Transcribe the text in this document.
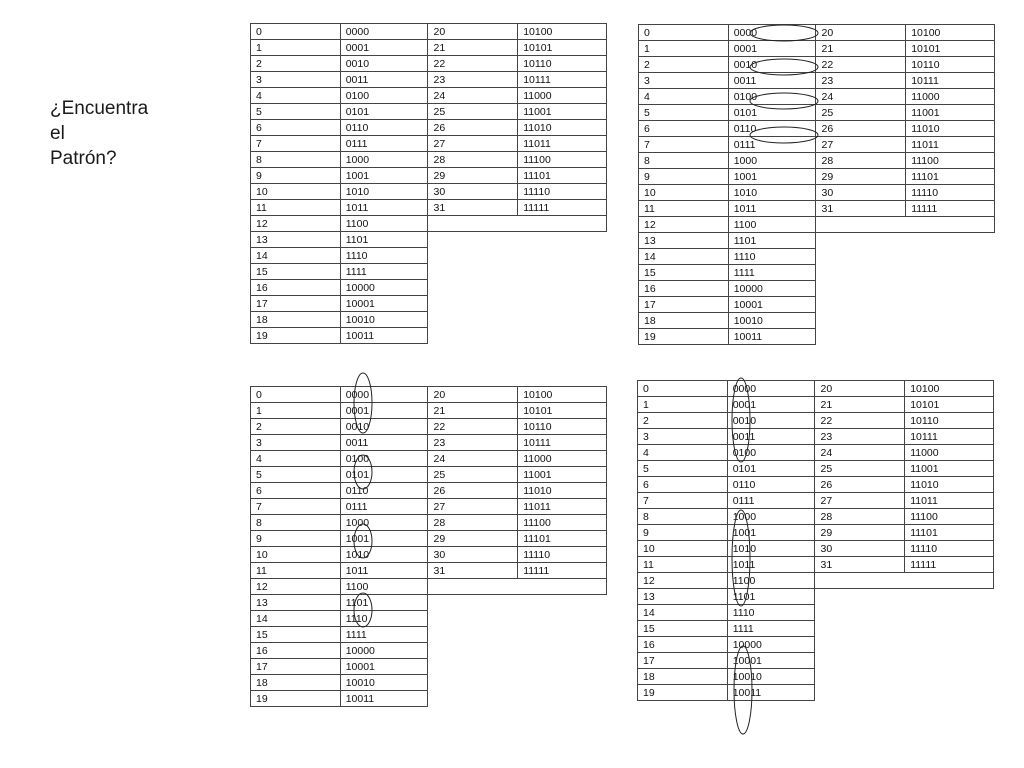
¿Encuentra
el
Patrón?
0	0000	20	10100
1	0001	21	10101
2	0010	22	10110
3	0011	23	10111
4	0100	24	11000
5	0101	25	11001
6	0110	26	11010
7	0111	27	11011
8	1000	28	11100
9	1001	29	11101
10	1010	30	11110
11	1011	31	11111
12	1100		
13	1101		
14	1110		
15	1111		
16	10000		
17	10001		
18	10010		
19	10011		
0	0000	20	10100
1	0001	21	10101
2	0010	22	10110
3	0011	23	10111
4	0100	24	11000
5	0101	25	11001
6	0110	26	11010
7	0111	27	11011
8	1000	28	11100
9	1001	29	11101
10	1010	30	11110
11	1011	31	11111
12	1100		
13	1101		
14	1110		
15	1111		
16	10000		
17	10001		
18	10010		
19	10011		
0	0000	20	10100
1	0001	21	10101
2	0010	22	10110
3	0011	23	10111
4	0100	24	11000
5	0101	25	11001
6	0110	26	11010
7	0111	27	11011
8	1000	28	11100
9	1001	29	11101
10	1010	30	11110
11	1011	31	11111
12	1100		
13	1101		
14	1110		
15	1111		
16	10000		
17	10001		
18	10010		
19	10011		
0	0000	20	10100
1	0001	21	10101
2	0010	22	10110
3	0011	23	10111
4	0100	24	11000
5	0101	25	11001
6	0110	26	11010
7	0111	27	11011
8	1000	28	11100
9	1001	29	11101
10	1010	30	11110
11	1011	31	11111
12	1100		
13	1101		
14	1110		
15	1111		
16	10000		
17	10001		
18	10010		
19	10011		
